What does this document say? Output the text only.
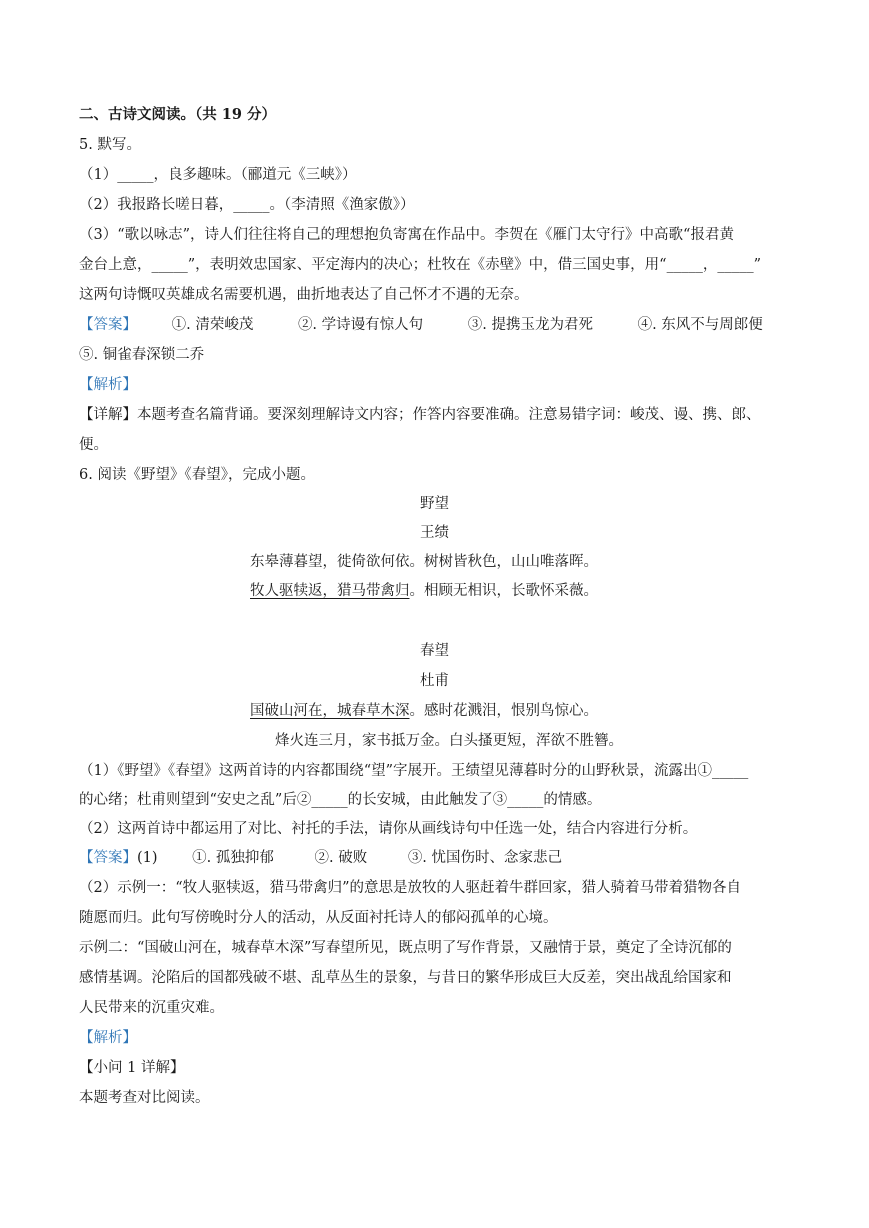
二、古诗文阅读。（共 19 分）
5. 默写。
（1）_____，良多趣味。（郦道元《三峡》）
（2）我报路长嗟日暮，_____。（李清照《渔家傲》）
（3）“歌以咏志”，诗人们往往将自己的理想抱负寄寓在作品中。李贺在《雁门太守行》中高歌“报君黄
金台上意，_____”，表明效忠国家、平定海内的决心；杜牧在《赤壁》中，借三国史事，用“_____，_____”
这两句诗慨叹英雄成名需要机遇，曲折地表达了自己怀才不遇的无奈。
【答案】 ①. 清荣峻茂	②. 学诗谩有惊人句	③. 提携玉龙为君死	④. 东风不与周郎便
⑤. 铜雀春深锁二乔
【解析】
【详解】本题考查名篇背诵。要深刻理解诗文内容；作答内容要准确。注意易错字词：峻茂、谩、携、郎、
便。
6. 阅读《野望》《春望》，完成小题。
野望
王绩
东皋薄暮望，徙倚欲何依。树树皆秋色，山山唯落晖。
牧人驱犊返，猎马带禽归。相顾无相识，长歌怀采薇。
春望
杜甫
国破山河在，城春草木深。感时花溅泪，恨别鸟惊心。
烽火连三月，家书抵万金。白头搔更短，浑欲不胜簪。
（1）《野望》《春望》这两首诗的内容都围绕“望”字展开。王绩望见薄暮时分的山野秋景，流露出①_____
的心绪；杜甫则望到“安史之乱”后②_____的长安城，由此触发了③_____的情感。
（2）这两首诗中都运用了对比、衬托的手法，请你从画线诗句中任选一处，结合内容进行分析。
【答案】(1) ①. 孤独抑郁	②. 破败	③. 忧国伤时、念家悲己
（2）示例一：“牧人驱犊返，猎马带禽归”的意思是放牧的人驱赶着牛群回家，猎人骑着马带着猎物各自
随愿而归。此句写傍晚时分人的活动，从反面衬托诗人的郁闷孤单的心境。
示例二：“国破山河在，城春草木深”写春望所见，既点明了写作背景，又融情于景，奠定了全诗沉郁的
感情基调。沦陷后的国都残破不堪、乱草丛生的景象，与昔日的繁华形成巨大反差，突出战乱给国家和
人民带来的沉重灾难。
【解析】
【小问 1 详解】
本题考查对比阅读。
